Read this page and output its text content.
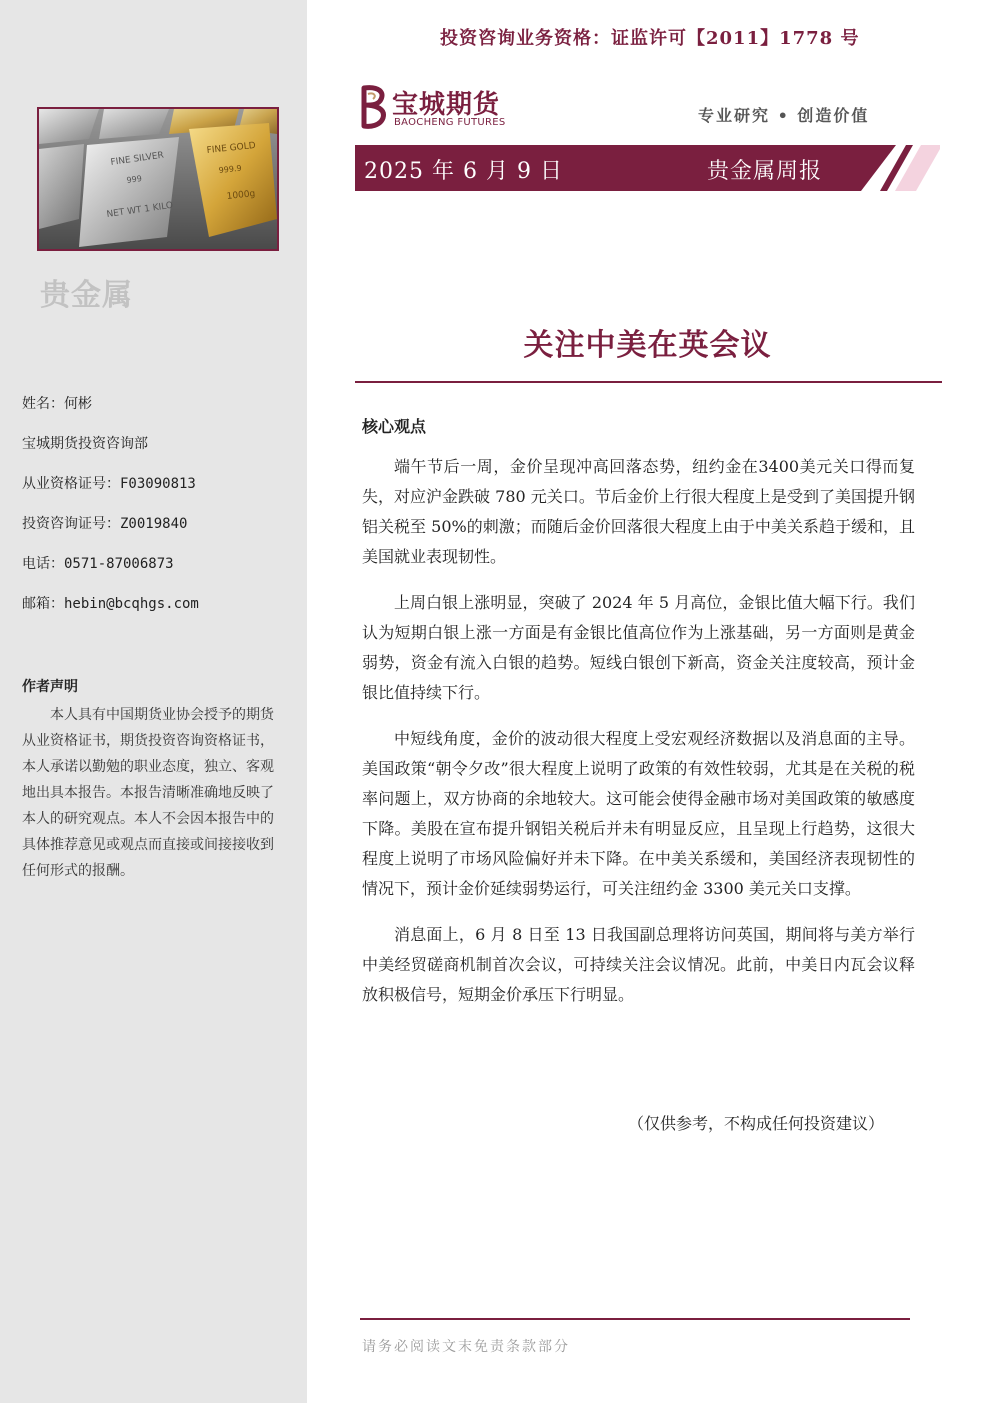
FINE SILVER
999
NET WT 1 KILO
FINE GOLD
999.9
1000g
贵金属
姓名：何彬
宝城期货投资咨询部
从业资格证号：F03090813
投资咨询证号：Z0019840
电话：0571-87006873
邮箱：hebin@bcqhgs.com
作者声明
本人具有中国期货业协会授予的期货从业资格证书，期货投资咨询资格证书，本人承诺以勤勉的职业态度，独立、客观地出具本报告。本报告清晰准确地反映了本人的研究观点。本人不会因本报告中的具体推荐意见或观点而直接或间接接收到任何形式的报酬。
投资咨询业务资格：证监许可【2011】1778 号
宝城期货
BAOCHENG FUTURES	专业研究 • 创造价值
2025 年 6 月 9 日	贵金属周报
关注中美在英会议
核心观点

端午节后一周，金价呈现冲高回落态势，纽约金在3400美元关口得而复失，对应沪金跌破 780 元关口。节后金价上行很大程度上是受到了美国提升钢铝关税至 50%的刺激；而随后金价回落很大程度上由于中美关系趋于缓和，且美国就业表现韧性。

上周白银上涨明显，突破了 2024 年 5 月高位，金银比值大幅下行。我们认为短期白银上涨一方面是有金银比值高位作为上涨基础，另一方面则是黄金弱势，资金有流入白银的趋势。短线白银创下新高，资金关注度较高，预计金银比值持续下行。

中短线角度，金价的波动很大程度上受宏观经济数据以及消息面的主导。美国政策“朝令夕改”很大程度上说明了政策的有效性较弱，尤其是在关税的税率问题上，双方协商的余地较大。这可能会使得金融市场对美国政策的敏感度下降。美股在宣布提升钢铝关税后并未有明显反应，且呈现上行趋势，这很大程度上说明了市场风险偏好并未下降。在中美关系缓和，美国经济表现韧性的情况下，预计金价延续弱势运行，可关注纽约金 3300 美元关口支撑。

消息面上，6 月 8 日至 13 日我国副总理将访问英国，期间将与美方举行中美经贸磋商机制首次会议，可持续关注会议情况。此前，中美日内瓦会议释放积极信号，短期金价承压下行明显。

（仅供参考，不构成任何投资建议）
请务必阅读文末免责条款部分
